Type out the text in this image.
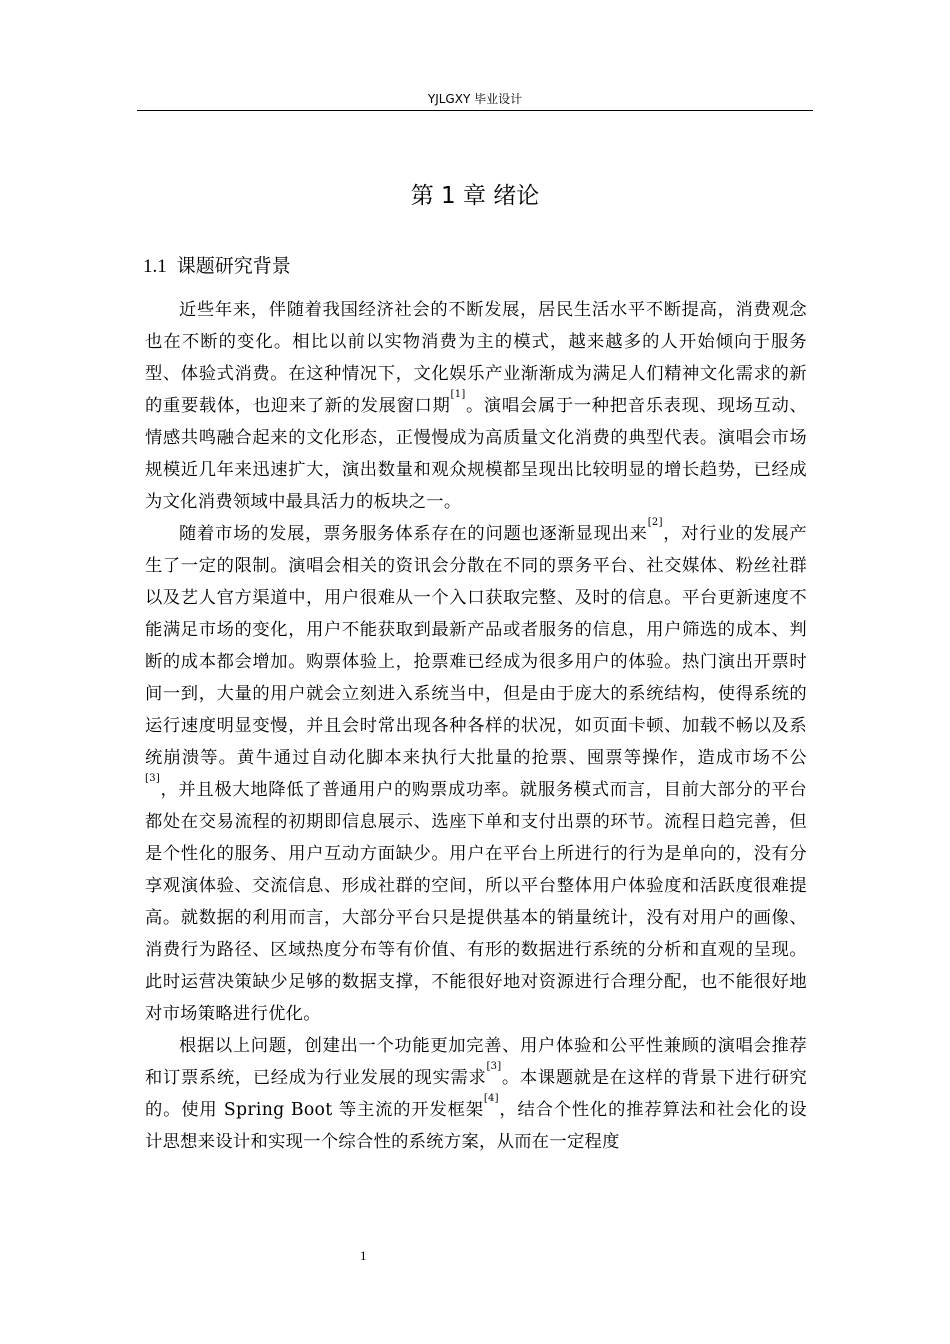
YJLGXY 毕业设计
第 1 章 绪论
1.1 课题研究背景

近些年来，伴随着我国经济社会的不断发展，居民生活水平不断提高，消费观念也在不断的变化。相比以前以实物消费为主的模式，越来越多的人开始倾向于服务型、体验式消费。在这种情况下，文化娱乐产业渐渐成为满足人们精神文化需求的新的重要载体，也迎来了新的发展窗口期[1]。演唱会属于一种把音乐表现、现场互动、情感共鸣融合起来的文化形态，正慢慢成为高质量文化消费的典型代表。演唱会市场规模近几年来迅速扩大，演出数量和观众规模都呈现出比较明显的增长趋势，已经成为文化消费领域中最具活力的板块之一。

随着市场的发展，票务服务体系存在的问题也逐渐显现出来[2]，对行业的发展产生了一定的限制。演唱会相关的资讯会分散在不同的票务平台、社交媒体、粉丝社群以及艺人官方渠道中，用户很难从一个入口获取完整、及时的信息。平台更新速度不能满足市场的变化，用户不能获取到最新产品或者服务的信息，用户筛选的成本、判断的成本都会增加。购票体验上，抢票难已经成为很多用户的体验。热门演出开票时间一到，大量的用户就会立刻进入系统当中，但是由于庞大的系统结构，使得系统的运行速度明显变慢，并且会时常出现各种各样的状况，如页面卡顿、加载不畅以及系统崩溃等。黄牛通过自动化脚本来执行大批量的抢票、囤票等操作，造成市场不公[3]，并且极大地降低了普通用户的购票成功率。就服务模式而言，目前大部分的平台都处在交易流程的初期即信息展示、选座下单和支付出票的环节。流程日趋完善，但是个性化的服务、用户互动方面缺少。用户在平台上所进行的行为是单向的，没有分享观演体验、交流信息、形成社群的空间，所以平台整体用户体验度和活跃度很难提高。就数据的利用而言，大部分平台只是提供基本的销量统计，没有对用户的画像、消费行为路径、区域热度分布等有价值、有形的数据进行系统的分析和直观的呈现。此时运营决策缺少足够的数据支撑，不能很好地对资源进行合理分配，也不能很好地对市场策略进行优化。

根据以上问题，创建出一个功能更加完善、用户体验和公平性兼顾的演唱会推荐和订票系统，已经成为行业发展的现实需求[3]。本课题就是在这样的背景下进行研究的。使用 Spring Boot 等主流的开发框架[4]，结合个性化的推荐算法和社会化的设计思想来设计和实现一个综合性的系统方案，从而在一定程度

1
